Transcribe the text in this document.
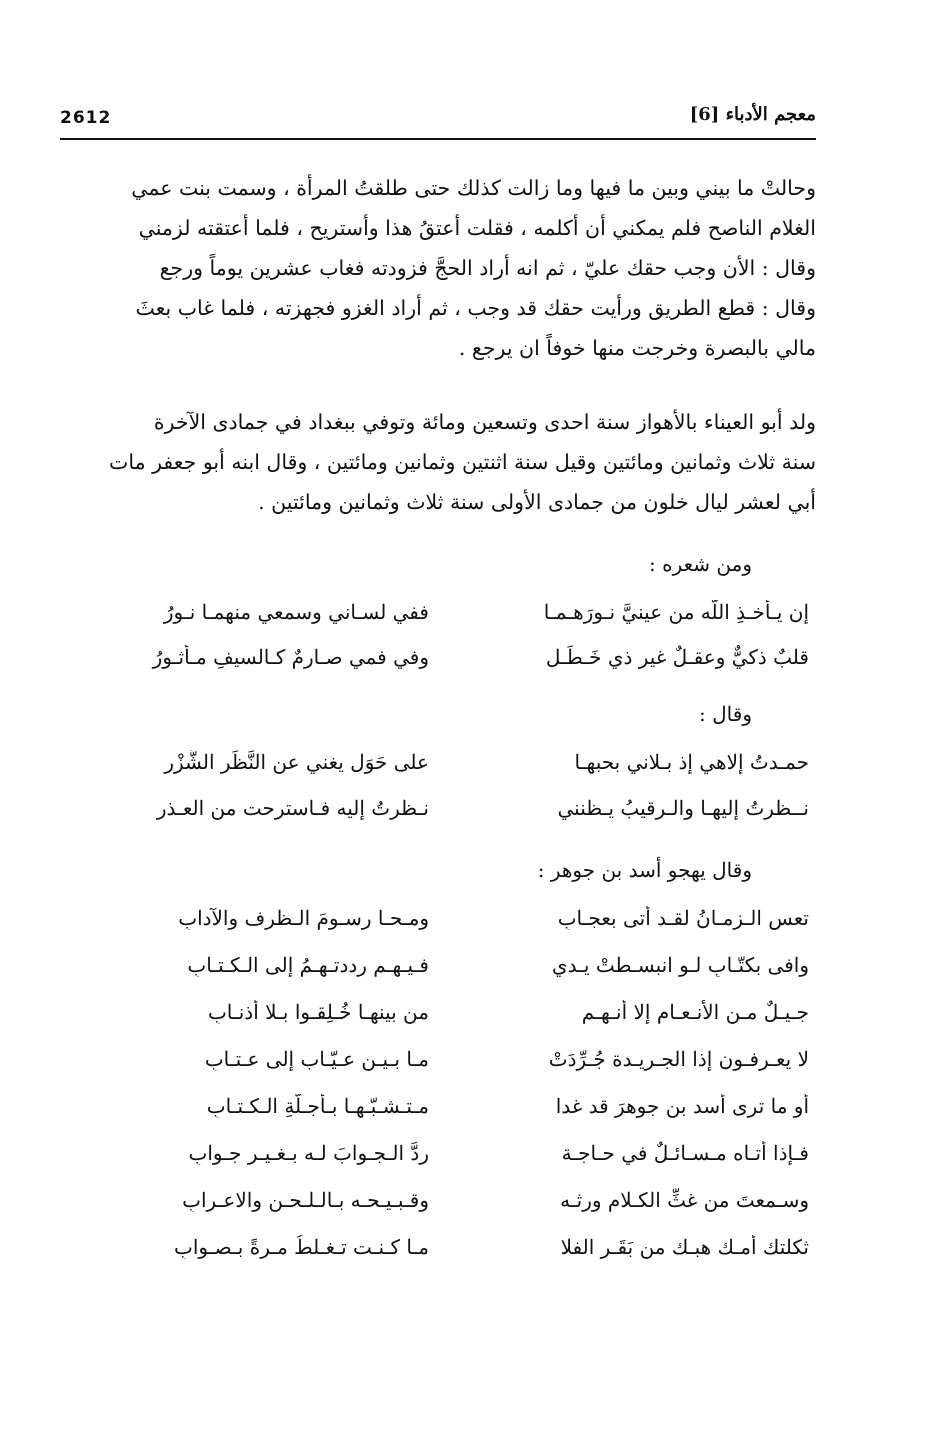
2612	معجم الأدباء [6]

وحالتْ ما بيني وبين ما فيها وما زالت كذلك حتى طلقتُ المرأة ، وسمت بنت عمي

الغلام الناصح فلم يمكني أن أكلمه ، فقلت أعتقُ هذا وأستريح ، فلما أعتقته لزمني

وقال : الأن وجب حقك عليّ ، ثم انه أراد الحجَّ فزودته فغاب عشرين يوماً ورجع

وقال : قطع الطريق ورأيت حقك قد وجب ، ثم أراد الغزو فجهزته ، فلما غاب بعثَ

مالي بالبصرة وخرجت منها خوفاً ان يرجع .

ولد أبو العيناء بالأهواز سنة احدى وتسعين ومائة وتوفي ببغداد في جمادى الآخرة

سنة ثلاث وثمانين ومائتين وقيل سنة اثنتين وثمانين ومائتين ، وقال ابنه أبو جعفر مات

أبي لعشر ليال خلون من جمادى الأولى سنة ثلاث وثمانين ومائتين .

ومن شعره :
إن يـأخـذِ اللّه من عينيَّ نـورَهـمـا
ففي لسـاني وسمعي منهمـا نـورُ
قلبٌ ذكيٌّ وعقـلٌ غير ذي خَـطَـلٍ
وفي فمي صـارمٌ كـالسيفِ مـأثـورُ
وقال :
حمـدتُ إلاهي إذ بـلاني بحبهـا
على حَوَلٍ يغني عن النَّظَرِ الشَّزْرِ
نــظرتُ إليهـا والـرقيبُ يـظنني
نـظرتُ إليه فـاسترحت من العـذرِ
وقال يهجو أسد بن جوهر :
تعس الـزمـانُ لقـد أتى بعجـابِ
ومـحـا رسـومَ الـظرف والآدابِ
وافى بكتّـابٍ لـو انبسـطتْ يـدي
فـيـهـم رددتـهـمُ إلى الـكـتـابِ
جـيـلٌ مـن الأنـعـام إلا أنـهـم
من بينهـا خُـلِقـوا بـلا أذنـابِ
لا يعـرفـون إذا الجـريـدة جُـرِّدَتْ
مـا بـيـن عـيّـاب إلى عـتـابِ
أو ما ترى أسد بن جوهرَ قد غدا
مـتـشـبّـهـا بـأجـلّةِ الـكـتـابِ
فـإذا أتـاه مـسـائـلٌ في حـاجـة
ردَّ الـجـوابَ لـه بـغـيـر جـوابِ
وسـمعتَ من غثِّ الكـلام ورثـه
وقـبـيـحـه بـالـلـحـنِ والاعـرابِ
ثكلتك أمـك هبـك من بَقَـرِ الفلا
مـا كـنـت تـغـلطُ مـرةً بـصـوابِ
